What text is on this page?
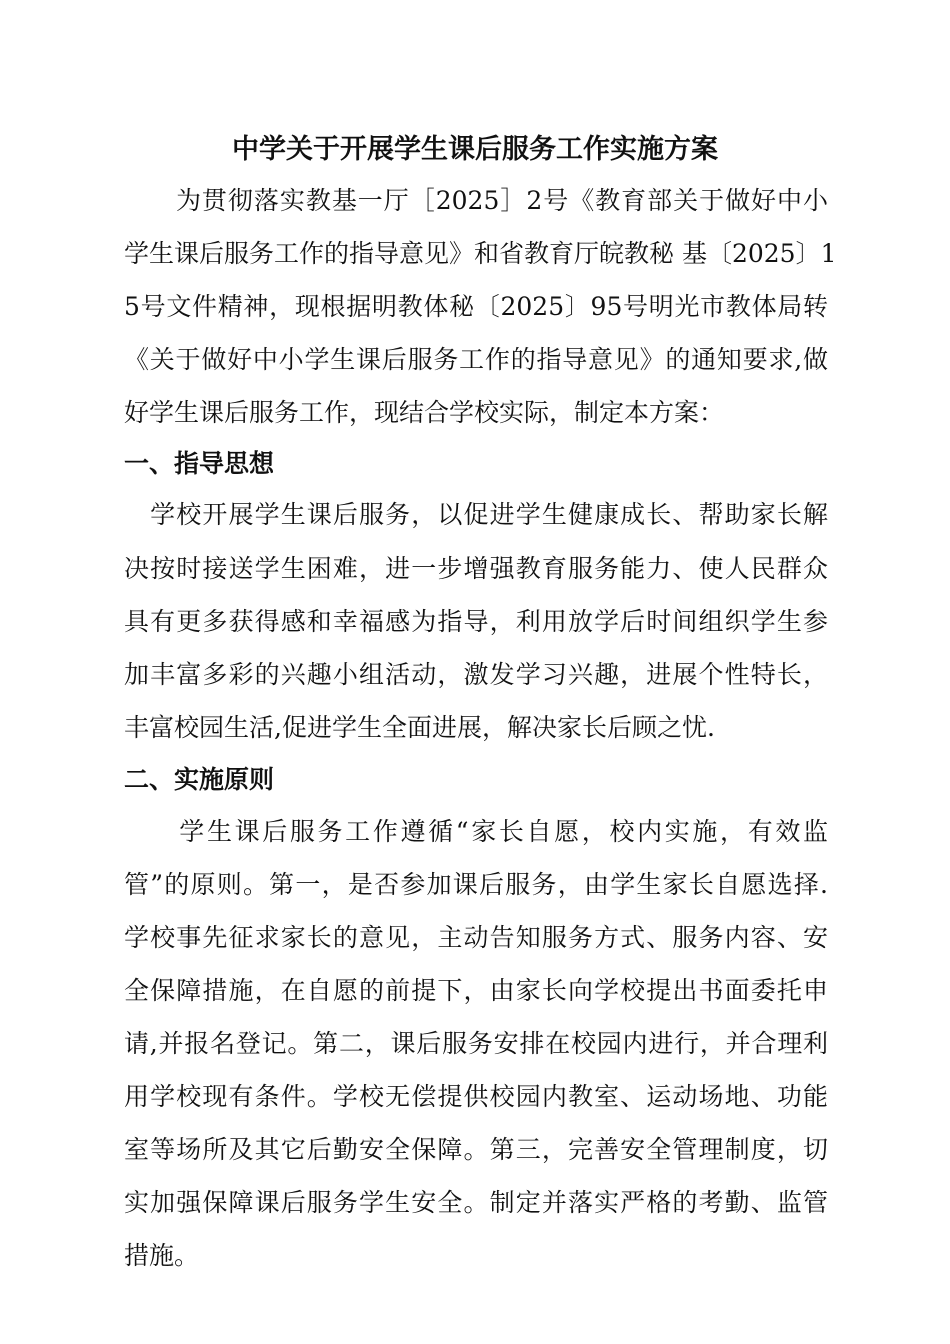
中学关于开展学生课后服务工作实施方案
　　为贯彻落实教基一厅［2025］2号《教育部关于做好中小
学生课后服务工作的指导意见》和省教育厅皖教秘 基〔2025〕1
5号文件精神，现根据明教体秘〔2025〕95号明光市教体局转
《关于做好中小学生课后服务工作的指导意见》的通知要求,做
好学生课后服务工作，现结合学校实际，制定本方案：
一、指导思想
　学校开展学生课后服务，以促进学生健康成长、帮助家长解
决按时接送学生困难，进一步增强教育服务能力、使人民群众
具有更多获得感和幸福感为指导，利用放学后时间组织学生参
加丰富多彩的兴趣小组活动，激发学习兴趣，进展个性特长，
丰富校园生活,促进学生全面进展，解决家长后顾之忧.
二、实施原则
　　学生课后服务工作遵循“家长自愿，校内实施，有效监
管”的原则。第一，是否参加课后服务，由学生家长自愿选择.
学校事先征求家长的意见，主动告知服务方式、服务内容、安
全保障措施，在自愿的前提下，由家长向学校提出书面委托申
请,并报名登记。第二，课后服务安排在校园内进行，并合理利
用学校现有条件。学校无偿提供校园内教室、运动场地、功能
室等场所及其它后勤安全保障。第三，完善安全管理制度，切
实加强保障课后服务学生安全。制定并落实严格的考勤、监管
措施。
